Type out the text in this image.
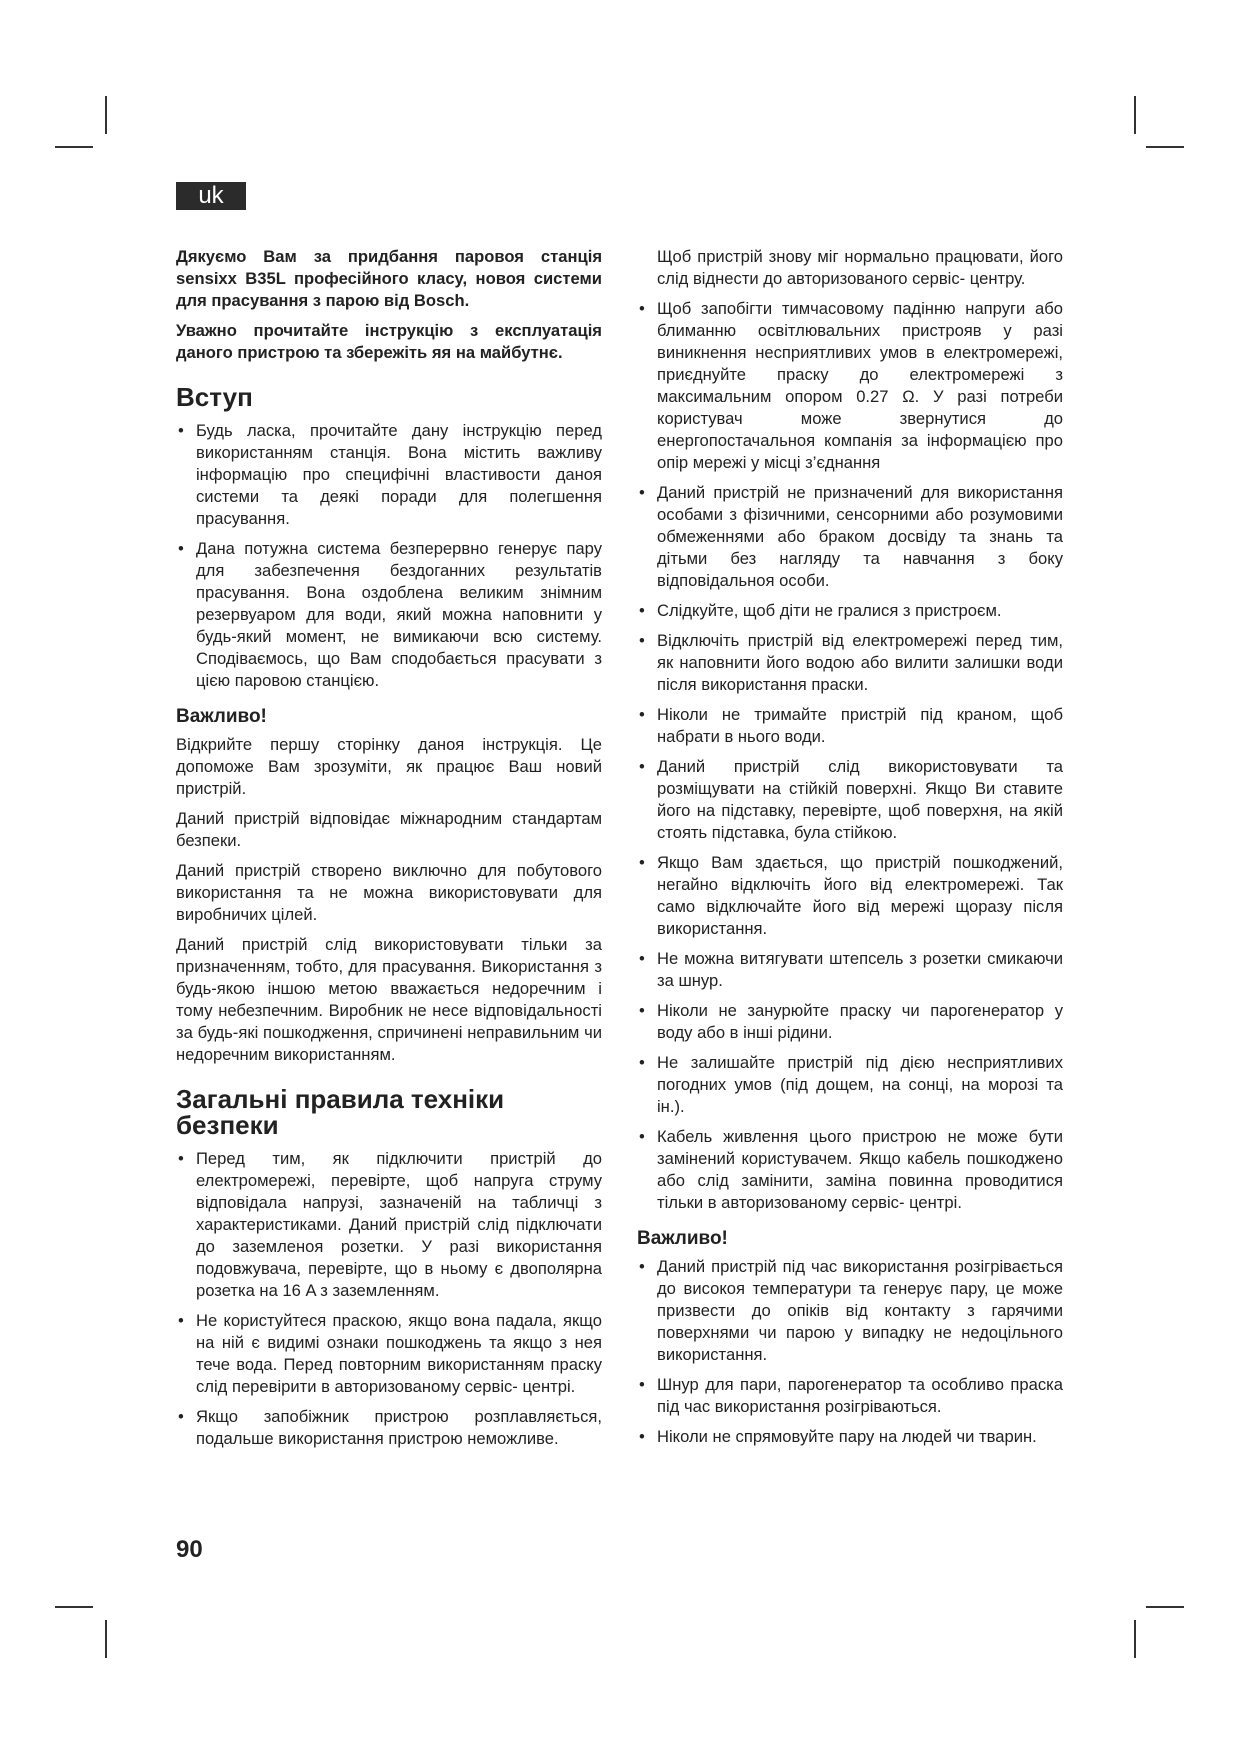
uk

Дякуємо Вам за придбання паровоя станція sensixx B35L професійного класу, новоя системи для прасування з парою від Bosch.

Уважно прочитайте інструкцію з експлуатація даного пристрою та збережіть яя на майбутнє.

Вступ
• Будь ласка, прочитайте дану інструкцію перед використанням станція. Вона містить важливу інформацію про специфічні властивости даноя системи та деякі поради для полегшення прасування.
• Дана потужна система безперервно генерує пару для забезпечення бездоганних результатів прасування. Вона оздоблена великим знімним резервуаром для води, який можна наповнити у будь-який момент, не вимикаючи всю систему. Сподіваємось, що Вам сподобається прасувати з цією паровою станцією.
Важливо!

Відкрийте першу сторінку даноя інструкція. Це допоможе Вам зрозуміти, як працює Ваш новий пристрій.

Даний пристрій відповідає міжнародним стандартам безпеки.

Даний пристрій створено виключно для побутового використання та не можна використовувати для виробничих цілей.

Даний пристрій слід використовувати тільки за призначенням, тобто, для прасування. Використання з будь-якою іншою метою вважається недоречним і тому небезпечним. Виробник не несе відповідальності за будь-які пошкодження, спричинені неправильним чи недоречним використанням.

Загальні правила техніки безпеки
• Перед тим, як підключити пристрій до електромережі, перевірте, щоб напруга струму відповідала напрузі, зазначеній на табличці з характеристиками. Даний пристрій слід підключати до заземленоя розетки. У разі використання подовжувача, перевірте, що в ньому є двополярна розетка на 16 A з заземленням.
• Не користуйтеся праскою, якщо вона падала, якщо на ній є видимі ознаки пошкоджень та якщо з нея тече вода. Перед повторним використанням праску слід перевірити в авторизованому сервіс- центрі.
• Якщо запобіжник пристрою розплавляється, подальше використання пристрою неможливе.

Щоб пристрій знову міг нормально працювати, його слід віднести до авторизованого сервіс- центру.

• Щоб запобігти тимчасовому падінню напруги або блиманню освітлювальних пристрояв у разі виникнення несприятливих умов в електромережі, приєднуйте праску до електромережі з максимальним опором 0.27 Ω. У разі потреби користувач може звернутися до енергопостачальноя компанія за інформацією про опір мережі у місці з’єднання
• Даний пристрій не призначений для використання особами з фізичними, сенсорними або розумовими обмеженнями або браком досвіду та знань та дітьми без нагляду та навчання з боку відповідальноя особи.
• Слідкуйте, щоб діти не гралися з пристроєм.
• Відключіть пристрій від електромережі перед тим, як наповнити його водою або вилити залишки води після використання праски.
• Ніколи не тримайте пристрій під краном, щоб набрати в нього води.
• Даний пристрій слід використовувати та розміщувати на стійкій поверхні. Якщо Ви ставите його на підставку, перевірте, щоб поверхня, на якій стоять підставка, була стійкою.
• Якщо Вам здається, що пристрій пошкоджений, негайно відключіть його від електромережі. Так само відключайте його від мережі щоразу після використання.
• Не можна витягувати штепсель з розетки смикаючи за шнур.
• Ніколи не занурюйте праску чи парогенератор у воду або в інші рідини.
• Не залишайте пристрій під дією несприятливих погодних умов (під дощем, на сонці, на морозі та ін.).
• Кабель живлення цього пристрою не може бути замінений користувачем. Якщо кабель пошкоджено або слід замінити, заміна повинна проводитися тільки в авторизованому сервіс- центрі.
Важливо!
• Даний пристрій під час використання розігрівається до високоя температури та генерує пару, це може призвести до опіків від контакту з гарячими поверхнями чи парою у випадку не недоцільного використання.
• Шнур для пари, парогенератор та особливо праска під час використання розігріваються.
• Ніколи не спрямовуйте пару на людей чи тварин.
90
